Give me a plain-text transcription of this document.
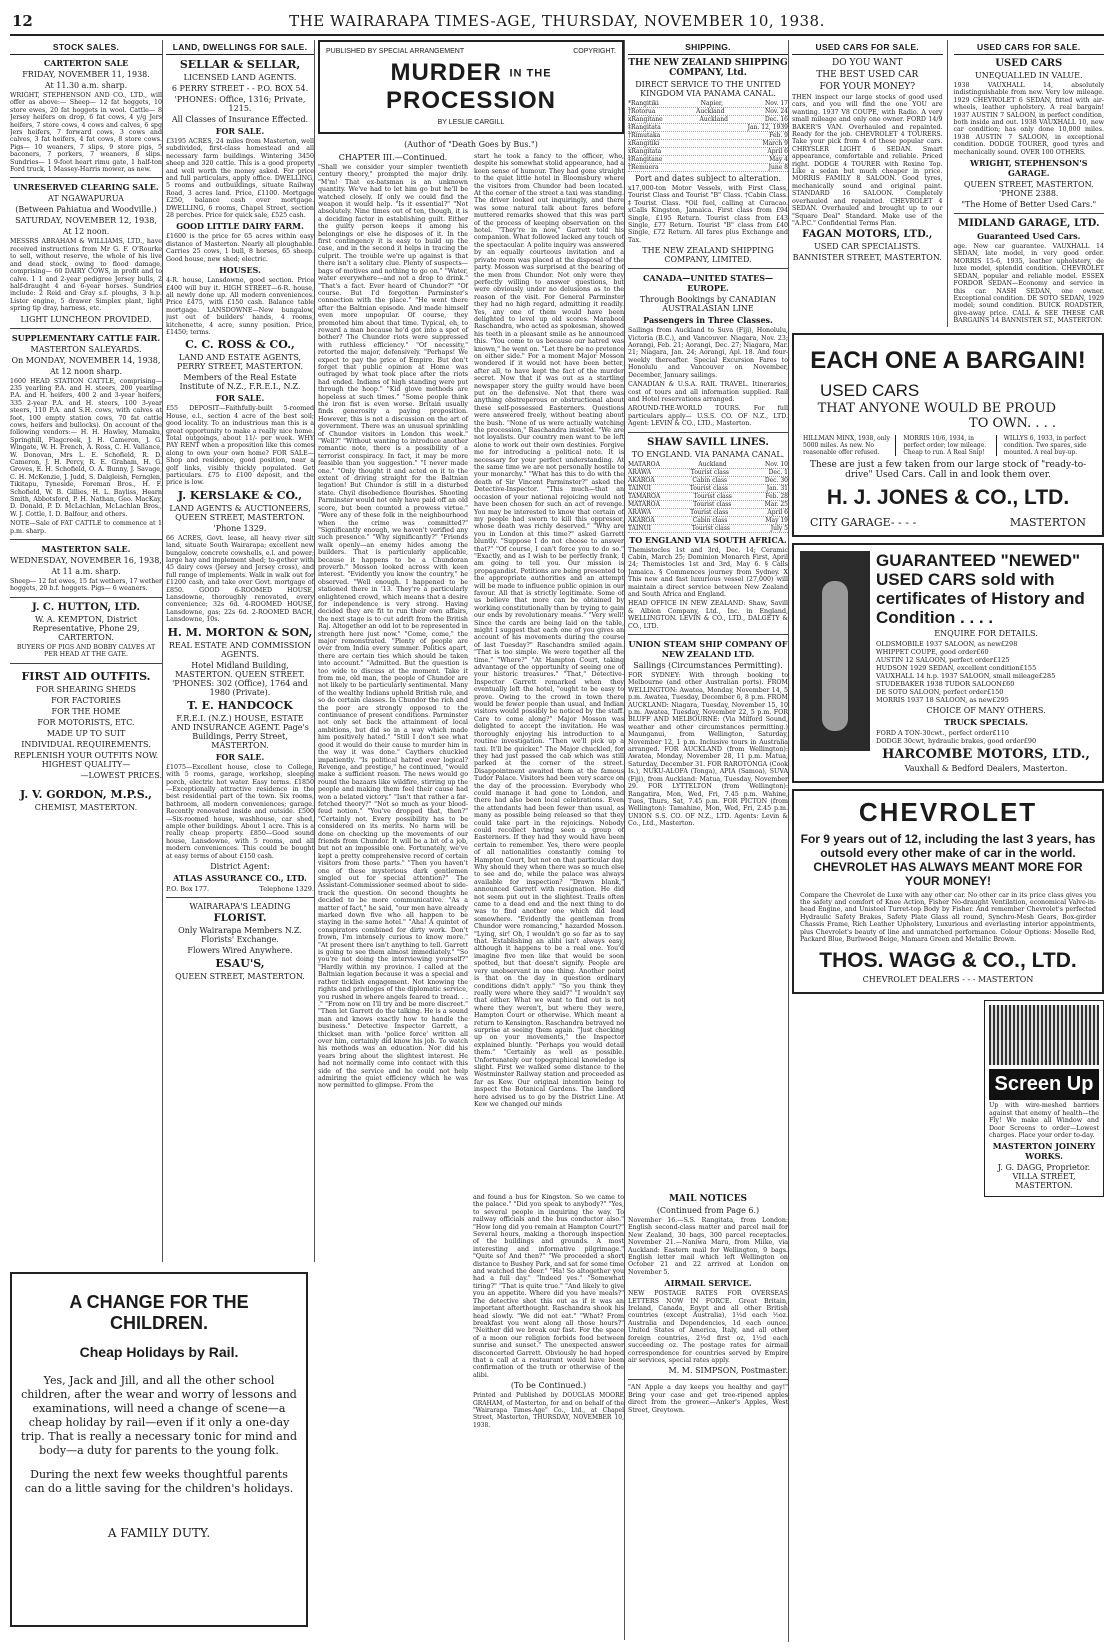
12	THE WAIRARAPA TIMES-AGE, THURSDAY, NOVEMBER 10, 1938.
STOCK SALES.
CARTERTON SALE
FRIDAY, NOVEMBER 11, 1938.
At 11.30 a.m. sharp.
WRIGHT, STEPHENSON AND CO., LTD., will offer as above:— Sheep— 12 fat hoggets, 10 store ewes, 20 fat hoggets in wool. Cattle— 8 Jersey heifers on drop, 6 fat cows, 4 y/g Jers heifers, 7 store cows, 4 cows and calves, 6 spg Jers heifers, 7 forward cows, 3 cows and calves, 3 fat heifers, 4 fat cows, 8 store cows. Pigs— 10 weaners, 7 slips, 9 store pigs, 5 baconers, 7 porkers, 7 weaners, 8 slips. Sundries— 1 9-foot heart rimu gate, 1 half-ton Ford truck, 1 Massey-Harris mower, as new.
UNRESERVED CLEARING SALE.
AT NGAWAPURUA
(Between Pahiatua and Woodville.)
SATURDAY, NOVEMBER 12, 1938,
At 12 noon.
MESSRS ABRAHAM & WILLIAMS, LTD., have received instructions from Mr G. F. O'Rourke to sell, without reserve, the whole of his live and dead stock, owing to flood damage, comprising— 60 DAIRY COWS, in profit and to calve. 1 1 and 2-year pedigree Jersey bulls, 2 half-draught 4 and 6-year horses. Sundries include: 2 Reid and Gray s.f. ploughs, 3 h.p. Lister engine, 5 drawer Simplex plant, light spring tip dray, harness, etc.
LIGHT LUNCHEON PROVIDED.
SUPPLEMENTARY CATTLE FAIR.
MASTERTON SALEYARDS.
On MONDAY, NOVEMBER 14, 1938,
At 12 noon sharp.
1600 HEAD STATION CATTLE, comprising— 235 yearling P.A. and H. steers, 200 yearling P.A. and H. heifers, 400 2 and 3-year heifers, 335 2-year P.A. and H. steers, 100 3-year steers, 110 P.A. and S.H. cows, with calves at foot, 100 empty station cows, 70 fat cattle cows, heifers and bullocks). On account of the following vendors:— H. H. Hawley, Mamaku, Springhill, Flagcreek, J. H. Cameron, J. G. Wingate, W. H. French, A. Ross, C. H. Vallance, W. Donovan, Mrs L. E. Schofield, R. D. Cameron, J. H. Percy, R. E. Graham, H. G. Groves, E. H. Schofield, O. A. Bunny, J. Savage, C. H. McKenzie, J. Judd, S. Dalgleish, Fernglen, Tikitapu, Tyneside, Foreman Bros., H. F. Schofield, W. B. Gillies, H. L. Bayliss, Hearn Smith, Abbotsford, P. H. Nathan, Geo. MacKay, D. Donald, P. D. McLachlan, McLachlan Bros., W. J. Cottle, I. D. Balfour, and others.
NOTE—Sale of FAT CATTLE to commence at 1 p.m. sharp.
MASTERTON SALE.
WEDNESDAY, NOVEMBER 16, 1938,
At 11 a.m. sharp.
Sheep— 12 fat ewes, 15 fat wethers, 17 wether hoggets, 20 b.f. hoggets. Pigs— 6 weaners.
J. C. HUTTON, LTD.
W. A. KEMPTON, District Representative, Phone 29, CARTERTON.
BUYERS OF PIGS AND BOBBY CALVES AT PER HEAD AT THE GATE.
FIRST AID OUTFITS.
FOR SHEARING SHEDS
FOR FACTORIES
FOR THE HOME
FOR MOTORISTS, ETC.
MADE UP TO SUIT
INDIVIDUAL REQUIREMENTS.
REPLENISH YOUR OUTFITS NOW. HIGHEST QUALITY—
—LOWEST PRICES.
J. V. GORDON, M.P.S.,
CHEMIST, MASTERTON.
LAND, DWELLINGS FOR SALE.
SELLAR & SELLAR,
LICENSED LAND AGENTS.
6 PERRY STREET - - P.O. BOX 54.
'PHONES: Office, 1316; Private, 1215.
All Classes of Insurance Effected.
FOR SALE.
£3195 ACRES, 24 miles from Masterton, well subdivided, first-class homestead and all necessary farm buildings. Wintering 3450 sheep and 320 cattle. This is a good property and well worth the money asked. For price and full particulars, apply office. DWELLING, 5 rooms and outbuildings, situate Railway Road, 3 acres land. Price, £1100. Mortgage £250, balance cash over mortgage. DWELLING, 6 rooms, Chapel Street, section 28 perches. Price for quick sale, £525 cash.
GOOD LITTLE DAIRY FARM.
£1600 is the price for 65 acres within easy distance of Masterton. Nearly all ploughable. Carries 25 cows, 1 bull, 8 horses, 65 sheep. Good house, new shed; electric.
HOUSES.
4-R. house, Lansdowne, good section. Price £400 will buy it. HIGH STREET—6-R. house, all newly done up. All modern conveniences. Price £475, with £150 cash. Balance table mortgage. LANSDOWNE—New bungalow, just out of builders' hands, 4 rooms, kitchenette, 4 acre, sunny position. Price, £1450; terms.
C. C. ROSS & CO.,
LAND AND ESTATE AGENTS, PERRY STREET, MASTERTON.
Members of the Real Estate Institute of N.Z., F.R.E.I., N.Z.
FOR SALE.
£55 DEPOSIT—Faithfully-built 5-roomed House, e.l., section 4 acre of the best soil; good locality. To an industrious man this is a great opportunity to make a really nice home. Total outgoings, about 11/- per week. WHY PAY RENT when a proposition like this comes along to own your own home? FOR SALE—Shop and residence, good position, near a golf links, visibly thickly populated. Get particulars. £75 to £100 deposit, and the price is low.
J. KERSLAKE & CO.,
LAND AGENTS & AUCTIONEERS, QUEEN STREET, MASTERTON.
'Phone 1329.
66 ACRES, Govt. lease, all heavy river silt land, situate South Wairarapa; excellent new bungalow, concrete cowshells, e.l. and power; large hay and implement shed; to-gether with 45 dairy cows (Jersey and Jersey cross), and full range of implements. Walk in walk out for £1200 cash, and take over Govt. mortgage of £850. GOOD 6-ROOMED HOUSE, Lansdowne, thoroughly renovated, every convenience; 32s 6d. 4-ROOMED HOUSE, Lansdowne, gas; 22s 6d. 2-ROOMED BACH, Lansdowne, 10s.
H. M. MORTON & SON,
REAL ESTATE AND COMMISSION AGENTS.
Hotel Midland Building, MASTERTON. QUEEN STREET. 'PHONES: 302 (Office), 1764 and 1980 (Private).
T. E. HANDCOCK
F.R.E.I. (N.Z.) HOUSE, ESTATE AND INSURANCE AGENT. Page's Buildings, Perry Street, MASTERTON.
FOR SALE.
£1075—Excellent house, close to College, with 5 rooms, garage, workshop, sleeping porch, electric hot water. Easy terms. £1850—Exceptionally attractive residence in the best residential part of the town. Six rooms, bathroom, all modern conveniences; garage. Recently renovated inside and outside. £500—Six-roomed house, washhouse, car shed, ample other buildings. About 1 acre. This is a really cheap property. £850—Good sound house, Lansdowne, with 5 rooms, and all modern conveniences. This could be bought at easy terms of about £150 cash.
District Agent:
ATLAS ASSURANCE CO., LTD.
P.O. Box 177.	Telephone 1329.
WAIRARAPA'S LEADING
FLORIST.
Only Wairarapa Members N.Z. Florists' Exchange.
Flowers Wired Anywhere.
ESAU'S,
QUEEN STREET, MASTERTON.
A CHANGE FOR THE CHILDREN.
Cheap Holidays by Rail.
Yes, Jack and Jill, and all the other school children, after the wear and worry of lessons and examinations, will need a change of scene—a cheap holiday by rail—even if it only a one-day trip. That is really a necessary tonic for mind and body—a duty for parents to the young folk.
During the next few weeks thoughtful parents can do a little saving for the children's holidays.
A FAMILY DUTY.
PUBLISHED BY SPECIAL ARRANGEMENT	COPYRIGHT.
MURDER IN THE PROCESSION
BY LESLIE CARGILL
(Author of "Death Goes by Bus.")
CHAPTER III.—Continued.
"Shall we consider your simpler twentieth century theory," prompted the major drily. "M'm! That ex-batsman is an unknown quantity. We've had to let him go but he'll be watched closely. If only we could find the weapon it would help. "Is it essential?" "Not absolutely. Nine times out of ten, though, it is a deciding factor in establishing guilt. Either the guilty person keeps it among his belongings or else he disposes of it. In the first contingency it is easy to build up the case, and in the second it helps in tracing the culprit. The trouble we're up against is that there isn't a solitary clue. Plenty of suspects—bags of motives and nothing to go on." "Water, water everywhere—and not a drop to drink." "That's a fact. Ever heard of Chundor?" "Of course. But I'd forgotten Parminster's connection with the place." "He went there after the Baltnian episode. And made himself even more unpopular. Of course, they promoted him about that time. Typical, eh, to reward a man because he'd got into a spot of bother? The Chundor riots were suppressed with ruthless efficiency." "Of necessity," retorted the major, defensively. "Perhaps! We expect to pay the price of Empire. But don't forget that public opinion at Home was outraged by what took place after the riots had ended. Indians of high standing were put through the hoop." "Kid glove methods are hopeless at such times." "Some people think the iron fist is even worse. Britain usually finds generosity a paying proposition. However, this is not a discussion on the art of government. There was an unusual sprinkling of Chundor visitors in London this week." "Well?" "Without wanting to introduce another romantic note, there is a possibility of a terrorist conspiracy. In fact, it may be more feasible than you suggestion." "I never made one." "Only thought it and acted on it to the extent of driving straight for the Baltnian legation! But Chundor is still in a disturbed state. Chyil disobedience flourishes. Shooting Parminster would not only have paid off an old score, but been counted a prowess virtue." "Were any of these folk in the neighbourhood when the crime was committed?" "Significantly enough, we haven't verified any such presence." "Why significantly?" "Friends walk openly—an enemy hides among the builders. That is particularly applicable, because it happens to be a Chundoran proverb." Mosson looked across with keen interest. "Evidently you know the country," he observed. "Well enough. I happened to be stationed there in '13. They're a particularly enlightened crowd, which means that a desire for independence is very strong. Having decided they are fit to run their own affairs, the next stage is to cut adrift from the British Raj. Altogether an odd lot to be represented in strength here just now." "Come, come," the major remonstrated. "Plenty of people are over from India every summer. Politics apart, there are certain ties which should be taken into account." "Admitted. But the question is too wide to discuss at the moment. Take it from me, old man, the people of Chundor are not likely to be particularly sentimental. Many of the wealthy Indians uphold British rule, and so do certain classes. In Chundor the rich and the poor are strongly opposed to the continuance of present conditions. Parminster not only set back the attainment of local ambitions, but did so in a way which made him positively hated." "Still I don't see what good it would do their cause to murder him in the way it was done." Caythers chuckled impatiently. "Is political hatred ever logical? Revenge, and prestige," he continued, "would make a sufficient reason. The news would go round the bazaars like wildfire, stirring up the people and making them feel their cause had won a belated victory." "Isn't that rather a far-fetched theory?" "Not so much as your blood-feud notion." "You've dropped that, then?" "Certainly not. Every possibility has to be considered on its merits. No harm will be done on checking up the movements of our friends from Chundor. It will be a bit of a job, but not an impossible one. Fortunately, we've kept a pretty comprehensive record of certain visitors from those parts." "Then you haven't one of these mysterious dark gentlemen singled out for special attention?" The Assistant-Commissioner seemed about to side-track the question. On second thoughts he decided to be more communicative. "As a matter of fact," he said, "our men have already marked down five who all happen to be staying in the same hotel." "Aha! A quintet of conspirators combined for dirty work. Don't frown, I'm intensely curious to know more." "At present there isn't anything to tell. Garrett is going to see them almost immediately." "So you're not doing the interviewing yourself?" "Hardly within my province. I called at the Baltnian legation because it was a special and rather ticklish engagement. Not knowing the rights and privileges of the diplomatic service, you rushed in where angels feared to tread. . . ." "From now on I'll try and be more discreet." "Then let Garrett do the talking. He is a sound man and knows exactly how to handle the business." Detective Inspector Garrett, a thickset man with 'police force' written all over him, certainly did know his job. To watch his methods was an education. Nor did his years bring about the slightest interest. He had not normally come into contact with this side of the service and he could not help admiring the quiet efficiency which he was now permitted to glimpse. From the
start he took a fancy to the officer, who, despite his somewhat stolid appearance, had a keen sense of humour. They had gone straight to the quiet little hotel in Bloomsbury where the visitors from Chundor had been located. At the corner of the street a taxi was standing. The driver looked out inquiringly, and there was some natural talk about fares before muttered remarks showed that this was part of the process of keeping observation on the hotel. "They're in now," Garrett told his companion. What followed lacked any touch of the spectacular. A polite inquiry was answered by an equally courteous invitation and a private room was placed at the disposal of the party. Mosson was surprised at the bearing of the men from Chundor. Not only were they perfectly willing to answer questions, but were obviously under no delusions as to the reason of the visit. For General Parminster they had no high regard, admitting it readily. Yes, any one of them would have been delighted to level up old scores. Marabool Raschandra, who acted as spokesman, showed his teeth in a pleasant smile as he announced this. "You come to us because our hatred was known," he went on. "Let there be no pretence on either side." For a moment Major Mosson wondered if it would not have been better, after all, to have kept the fact of the murder secret. Now that it was out as a startling newspaper story the guilty would have been put on the defensive. Not that there was anything obstreperous or obstructional about these self-possessed Easterners. Questions were answered freely, without beating about the bush. "None of us were actually watching the procession," Raschandra insisted. "We are not loyalists. Our country men want to be left alone to work out their own destinies. Forgive me for introducing a political note. It is necessary for your perfect understanding. At the same time we are not personally hostile to your monarchy." "What has this to do with the death of Sir Vincent Parminster?" asked the Detective-Inspector. "This much—that an occasion of your national rejoicing would not have been chosen for such an act of revenge. You may be interested to know that certain of my people had sworn to kill this oppressor, whose death was richly deserved." "Why are you in London at this time?" asked Garrett bluntly. "Suppose I do not choose to answer that?" "Of course, I can't force you to do so." "Exactly, and as I wish to be perfectly frank, I am going to tell you. Our mission is propagandist. Petitions are being presented to the appropriate authorities and an attempt will be made to influence public opinion in our favour. All that is strictly legitimate. Some of us believe that more can be obtained by working constitutionally than by trying to gain our ends by revolutionary means." "Very well! Since the cards are being laid on the table, might I suggest that each one of you gives an account of his movements during the course of last Tuesday?" Raschandra smiled again. "That is too simple. We were together all the time." "Where?" "At Hampton Court, taking advantage of the opportunity of seeing one of your historic treasures." "That," Detective-Inspector Garrett remarked when they eventually left the hotel, "ought to be easy to prove. Owing to the crowd in town there would be fewer people than usual, and Indian visitors would possibly be noticed by the staff. Care to come along?" Major Mosson was delighted to accept the invitation. He was thoroughly enjoying his introduction to a routine investigation. "Then we'll pick up a taxi. It'll be quicker." The Major chuckled, for they had just passed the cab which was still parked at the corner of the street. Disappointment awaited them at the famous Tudor Palace. Visitors had been very scarce on the day of the procession. Everybody who could manage it had gone to London, and there had also been local celebrations. Even the attendants had been fewer than usual, as many as possible being released so that they could take part in the rejoicings. Nobody could recollect having seen a group of Easterners. If they had they would have been certain to remember. Yes, there were people of all nationalities constantly coming to Hampton Court, but not on that particular day. Why should they when there was so much else to see and do, while the palace was always available for inspection? "Drawn blank," announced Garrett with resignation. He did not seem put out in the slightest. Trails often came to a dead end and the next thing to do was to find another one which did lead somewhere. "Evidently the gentleman from Chundor were romancing," hazarded Mosson. "Lying, sir! Oh, I wouldn't go so far as to say that. Establishing an alibi isn't always easy, although it happens to be a real one. You'd imagine five men like that would be soon spotted, but that doesn't signify. People are very unobservant in one thing. Another point is that on the day in question ordinary conditions didn't apply." "So you think they really were where they said?" "I wouldn't say that either. What we want to find out is not where they weren't, but where they were, Hampton Court or otherwise. Which meant a return to Kensington. Raschandra betrayed no surprise at seeing them again. "Just checking up on your movements," the Inspector explained bluntly. "Perhaps you would detail them." "Certainly as well as possible. Unfortunately our topographical knowledge is slight. First we walked some distance to the Westminster Railway station and proceeded as far as Kew. Our original intention being to inspect the Botanical Gardens. The landlord here advised us to go by the District Line. At Kew we changed our minds
SHIPPING.
THE NEW ZEALAND SHIPPING COMPANY, Ltd.
DIRECT SERVICE TO THE UNITED KINGDOM VIA PANAMA CANAL.
*Rangitiki	Napier,	Nov. 17
†Rotorua	Auckland	Nov. 24
xRangitane	Auckland	Dec. 16
‡Rangitata	Jan. 12, 1939
†Rimutaka	Feb. 9
xRangitiki	March 9
xRangitata	April 6
‡Rangitane	May 4
†Remuera	June 8
Port and dates subject to alteration.
x17,000-ton Motor Vessels, with First Class, Tourist Class and Tourist "B" Class. †Cabin Class. ‡Tourist Class. *Oil fuel, calling at Curacao. xCalls Kingston, Jamaica. First class from £94 Single, £195 Return. Tourist class from £43 Single, £77 Return. Tourist "B" class from £40 Single, £72 Return. All fares plus Exchange and Tax.
THE NEW ZEALAND SHIPPING COMPANY, LIMITED.
CANADA—UNITED STATES—EUROPE.
Through Bookings by CANADIAN AUSTRALASIAN LINE
Passengers in Three Classes.
Sailings from Auckland to Suva (Fiji), Honolulu, Victoria (B.C.), and Vancouver. Niagara, Nov. 23; Aorangi, Feb. 21; Aorangi, Dec. 27; Niagara, Mar. 21; Niagara, Jan. 24; Aorangi, Apl. 18. And four-weekly thereafter. Special Excursion Fares to Honolulu and Vancouver on November, December, January sailings.
CANADIAN & U.S.A. RAIL TRAVEL. Itineraries, cost of tours and all information supplied. Rail and Hotel reservations arranged.
AROUND-THE-WORLD TOURS. For full particulars apply— U.S.S. CO. OF N.Z., LTD. Agent: LEVIN & CO., LTD., Masterton.
SHAW SAVILL LINES.
TO ENGLAND. VIA PANAMA CANAL.
MATAROA	Auckland	Nov. 10
ARAWA	Tourist class	Dec. 1
AKAROA	Cabin class	Dec. 30
TAINUI	Tourist class	Jan. 31
TAMAROA	Tourist class	Feb. 28
MATAROA	Tourist class	Mar. 25
ARAWA	Tourist class	April 6
AKAROA	Cabin class	May 19
TAINUI	Tourist class	July 5
TO ENGLAND VIA SOUTH AFRICA.
Themistocles 1st and 3rd, Dec. 14; Ceramic Cabin, March 25; Dominion Monarch First, April 24; Themistocles 1st and 3rd, May 6. § Calls Jamaica. § Commences journey from Sydney. X This new and fast luxurious vessel (27,000) will maintain a direct service between New Zealand and South Africa and England.
HEAD OFFICE IN NEW ZEALAND: Shaw, Savill & Albion Company, Ltd., Inc. in England, WELLINGTON. LEVIN & CO., LTD., DALGETY & CO., LTD.
UNION STEAM SHIP COMPANY OF NEW ZEALAND LTD.
Sailings (Circumstances Permitting).
FOR SYDNEY: With through booking to Melbourne (and other Australian ports). FROM WELLINGTON: Awatea, Monday, November 14, 5 p.m. Awatea, Tuesday, December 6, 8 p.m. FROM AUCKLAND: Niagara, Tuesday, November 15, 10 p.m. Awatea, Tuesday, November 22, 5 p.m. FOR BLUFF AND MELBOURNE: (Via Milford Sound, weather and other circumstances permitting.) Maunganui, from Wellington, Saturday, November 12, 1 p.m. Inclusive tours in Australia arranged. FOR AUCKLAND (from Wellington): Awatea, Monday, November 28, 11 p.m. Matua, Saturday, December 31. FOR RAROTONGA (Cook Is.), NUKU-ALOFA (Tonga), APIA (Samoa), SUVA (Fiji), from Auckland: Matua, Tuesday, November 29. FOR LYTTELTON (from Wellington): Rangatira, Mon, Wed, Fri, 7.45 p.m. Wahine, Tues, Thurs, Sat, 7.45 p.m. FOR PICTON (from Wellington): Tamahine, Mon, Wed, Fri, 2.45 p.m. UNION S.S. CO. OF N.Z., LTD. Agents: Levin & Co., Ltd., Masterton.
and found a bus for Kingston. So we came to the palace." "Did you speak to anybody?" "Yes, to several people in inquiring the way. To railway officials and the bus conductor also." "How long did you remain at Hampton Court?" Several hours, making a thorough inspection of the buildings and grounds. A most interesting and informative pilgrimage." "Quite so! And then?" "We proceeded a short distance to Bushey Park, and sat for some time and watched the deer." "Ha! So altogether you had a full day." "Indeed yes." "Somewhat tiring?" "That is quite true." "And likely to give you an appetite. Where did you have meals?" The detective shot this out as if it was an important afterthought. Raschandra shook his head slowly. "We did not eat." "What? From breakfast you went along all those hours?" "Neither did we break our fast. For the space of a moon our religion forbids food between sunrise and sunset." The unexpected answer disconcerted Garrett. Obviously he had hoped that a call at a restaurant would have been confirmation of the truth or otherwise of the alibi.
(To be Continued.)
Printed and Published by DOUGLAS MOORE GRAHAM, of Masterton, for and on behalf of the "Wairarapa Times-Age" Co., Ltd., at Chapel Street, Masterton, THURSDAY, NOVEMBER 10, 1938.
MAIL NOTICES
(Continued from Page 6.)
November 16.—S.S. Rangitata, from London: English second-class matter and parcel mail for New Zealand, 30 bags, 300 parcel receptacles. November 21.—Naniwa Maru, from Miike, via Auckland: Eastern mail for Wellington, 9 bags. English letter mail which left Wellington on October 21 and 22 arrived at London on November 5.
AIRMAIL SERVICE.
NEW POSTAGE RATES FOR OVERSEAS LETTERS NOW IN FORCE. Great Britain, Ireland, Canada, Egypt and all other British countries (except Australia), 1½d each ½oz. Australia and Dependencies, 1d each ounce. United States of America, Italy, and all other foreign countries, 2½d first oz, 1½d each succeeding oz. The postage rates for airmail correspondence for countries served by Empire air services, special rates apply.
M. M. SIMPSON, Postmaster.
"AN Apple a day keeps you healthy and gay!" Bring your case and get tree-ripened apples direct from the grower.—Anker's Apples, West Street, Greytown.
USED CARS FOR SALE.
DO YOU WANT
THE BEST USED CAR
FOR YOUR MONEY?
THEN inspect our large stocks of good used cars, and you will find the one YOU are wanting. 1937 V8 COUPE, with Radio. A very small mileage and only one owner. FORD 14/9 BAKER'S VAN. Overhauled and repainted. Ready for the job. CHEVROLET 4 TOURERS. Take your pick from 4 of these popular cars. CHRYSLER LIGHT 6 SEDAN. Smart appearance, comfortable and reliable. Priced right. DODGE 4 TOURER with Rexine Top. Like a sedan but much cheaper in price. MORRIS FAMILY 8 SALOON. Good tyres, mechanically sound and original paint. STANDARD 16 SALOON. Completely overhauled and repainted. CHEVROLET 4 SEDAN. Overhauled and brought up to our "Square Deal" Standard. Make use of the "A.P.C." Confidential Terms Plan.
FAGAN MOTORS, LTD.,
USED CAR SPECIALISTS.
BANNISTER STREET, MASTERTON.
USED CARS FOR SALE.
USED CARS
UNEQUALLED IN VALUE.
1938 VAUXHALL 14, absolutely indistinguishable from new. Very low mileage. 1929 CHEVROLET 6 SEDAN, fitted with air-wheels, leather upholstery. A real bargain! 1937 AUSTIN 7 SALOON, in perfect condition, both inside and out. 1938 VAUXHALL 10, new car condition; has only done 10,000 miles. 1938 AUSTIN 7 SALOON, in exceptional condition. DODGE TOURER, good tyres and mechanically sound. OVER 100 OTHERS.
WRIGHT, STEPHENSON'S GARAGE.
QUEEN STREET, MASTERTON. 'PHONE 2388.
"The Home of Better Used Cars."
MIDLAND GARAGE, LTD.
Guaranteed Used Cars.
age. New car guarantee. VAUXHALL 14 SEDAN, late model, in very good order. MORRIS 15-6, 1935, leather upholstery, de luxe model, splendid condition. CHEVROLET SEDAN, popular and reliable model. ESSEX FORDOR SEDAN—Economy and service in this car. NASH SEDAN, one owner. Exceptional condition. DE SOTO SEDAN, 1929 model; sound condition. BUICK ROADSTER, give-away price. CALL & SEE THESE CAR BARGAINS 14 BANNISTER ST., MASTERTON.
EACH ONE A BARGAIN!
USED CARS
THAT ANYONE WOULD BE PROUD TO OWN. . . .
HILLMAN MINX, 1938, only 5000 miles. As new. No reasonable offer refused.
MORRIS 10/6, 1934, in perfect order; low mileage. Cheap to run. A Real Snip!
WILLYS 6, 1933, in perfect condition. Two spares, side mounted. A real buy-up.
These are just a few taken from our large stock of "ready-to-drive" Used Cars. Call in and look them over.
H. J. JONES & CO., LTD.
CITY GARAGE- - - -	MASTERTON
GUARANTEED "NEWED" USED CARS sold with certificates of History and Condition . . . .
ENQUIRE FOR DETAILS.
OLDSMOBILE 1937 SALOON, as new£298
WHIPPET COUPE, good order£60
AUSTIN 12 SALOON, perfect order£125
HUDSON 1929 SEDAN, excellent condition£155
VAUXHALL 14 h.p. 1937 SALOON, small mileage£285
STUDEBAKER 1938 TUDOR SALOON£60
DE SOTO SALOON, perfect order£150
MORRIS 1937 18 SALOON, as new£295
CHOICE OF MANY OTHERS.
TRUCK SPECIALS.
FORD A TON-30cwt., perfect order£110
DODGE 30cwt, hydraulic brakes, good order£90
HARCOMBE MOTORS, LTD.,
Vauxhall & Bedford Dealers, Masterton.
CHEVROLET
For 9 years out of 12, including the last 3 years, has outsold every other make of car in the world. CHEVROLET HAS ALWAYS MEANT MORE FOR YOUR MONEY!
Compare the Chevrolet de Luxe with any other car. No other car in its price class gives you the safety and comfort of Knee Action, Fisher No-draught Ventilation, economical Valve-in-head Engine, and Unisteel Turret-top Body by Fisher. And remember Chevrolet's perfected Hydraulic Safety Brakes, Safety Plate Glass all round, Synchro-Mesh Gears, Box-girder Chassis Frame, Rich Leather Upholstery, Luxurious and everlasting interior appointments, plus Chevrolet's beauty of line and unmatched performance. Colour Options: Moselle Red, Packard Blue, Burlwood Beige, Mamara Green and Metallic Brown.
THOS. WAGG & CO., LTD.
CHEVROLET DEALERS - - - MASTERTON
Screen Up
Up with wire-meshed barriers against that enemy of health—the Fly! We make all Window and Door Screens to order—Lowest charges. Place your order to-day.
MASTERTON JOINERY WORKS.
J. G. DAGG, Proprietor. VILLA STREET, MASTERTON.
